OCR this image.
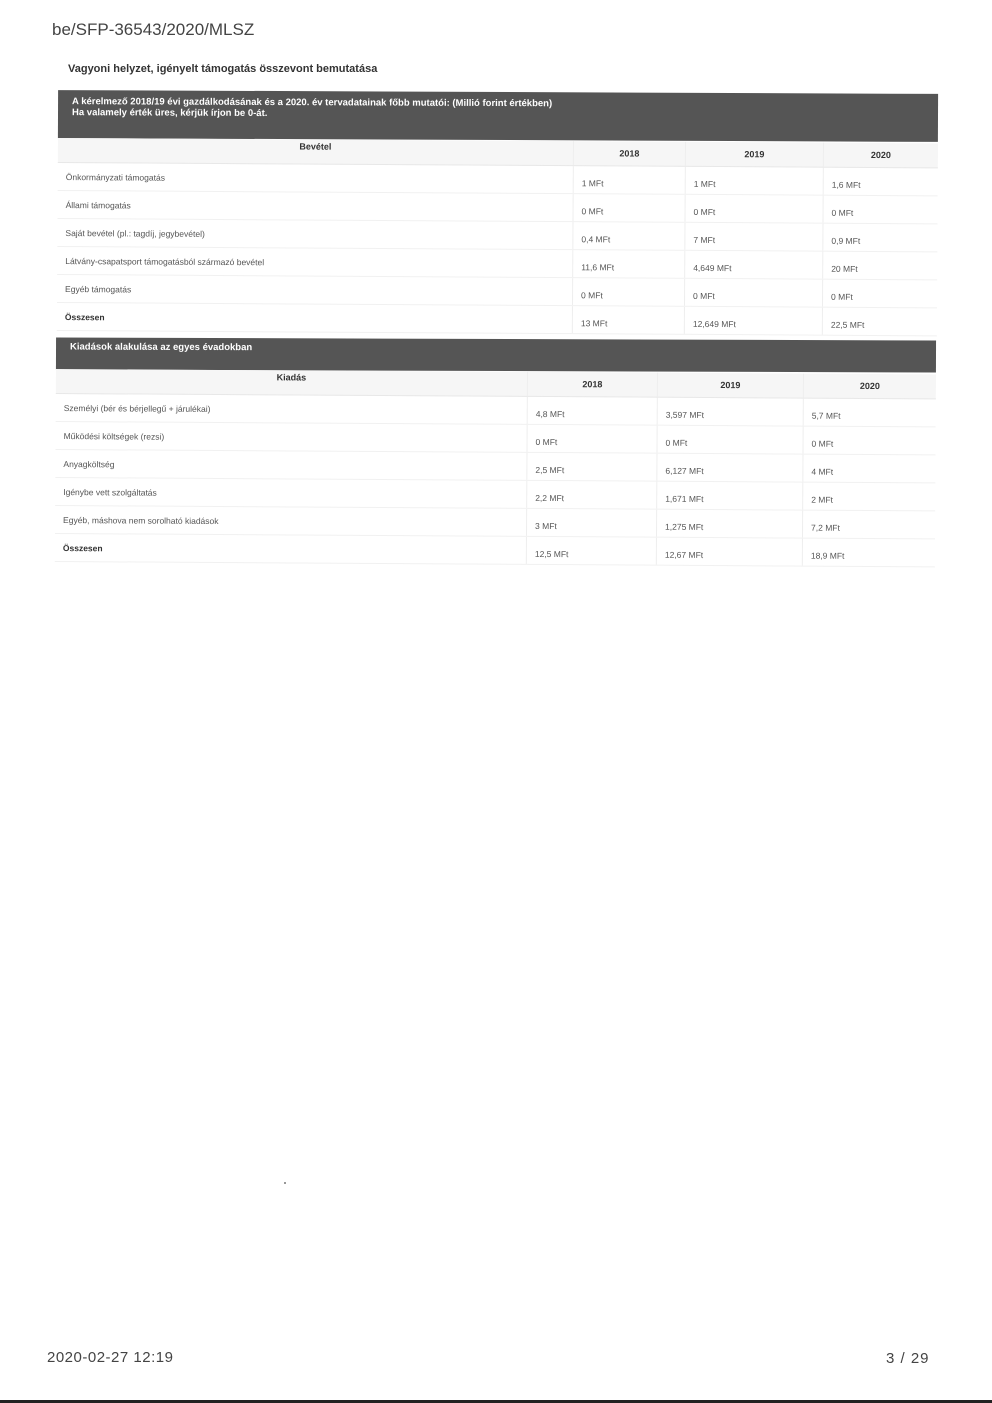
be/SFP-36543/2020/MLSZ
Vagyoni helyzet, igényelt támogatás összevont bemutatása
A kérelmező 2018/19 évi gazdálkodásának és a 2020. év tervadatainak főbb mutatói: (Millió forint értékben)
Ha valamely érték üres, kérjük írjon be 0-át.
Bevétel
2018	2019	2020
Önkormányzati támogatás
1 MFt	1 MFt	1,6 MFt
Állami támogatás
0 MFt	0 MFt	0 MFt
Saját bevétel (pl.: tagdíj, jegybevétel)
0,4 MFt	7 MFt	0,9 MFt
Látvány-csapatsport támogatásból származó bevétel
11,6 MFt	4,649 MFt	20 MFt
Egyéb támogatás
0 MFt	0 MFt	0 MFt
Összesen
13 MFt	12,649 MFt	22,5 MFt
Kiadások alakulása az egyes évadokban
Kiadás
2018	2019	2020
Személyi (bér és bérjellegű + járulékai)
4,8 MFt	3,597 MFt	5,7 MFt
Működési költségek (rezsi)
0 MFt	0 MFt	0 MFt
Anyagköltség
2,5 MFt	6,127 MFt	4 MFt
Igénybe vett szolgáltatás
2,2 MFt	1,671 MFt	2 MFt
Egyéb, máshova nem sorolható kiadások
3 MFt	1,275 MFt	7,2 MFt
Összesen
12,5 MFt	12,67 MFt	18,9 MFt
2020-02-27 12:19	3 / 29
